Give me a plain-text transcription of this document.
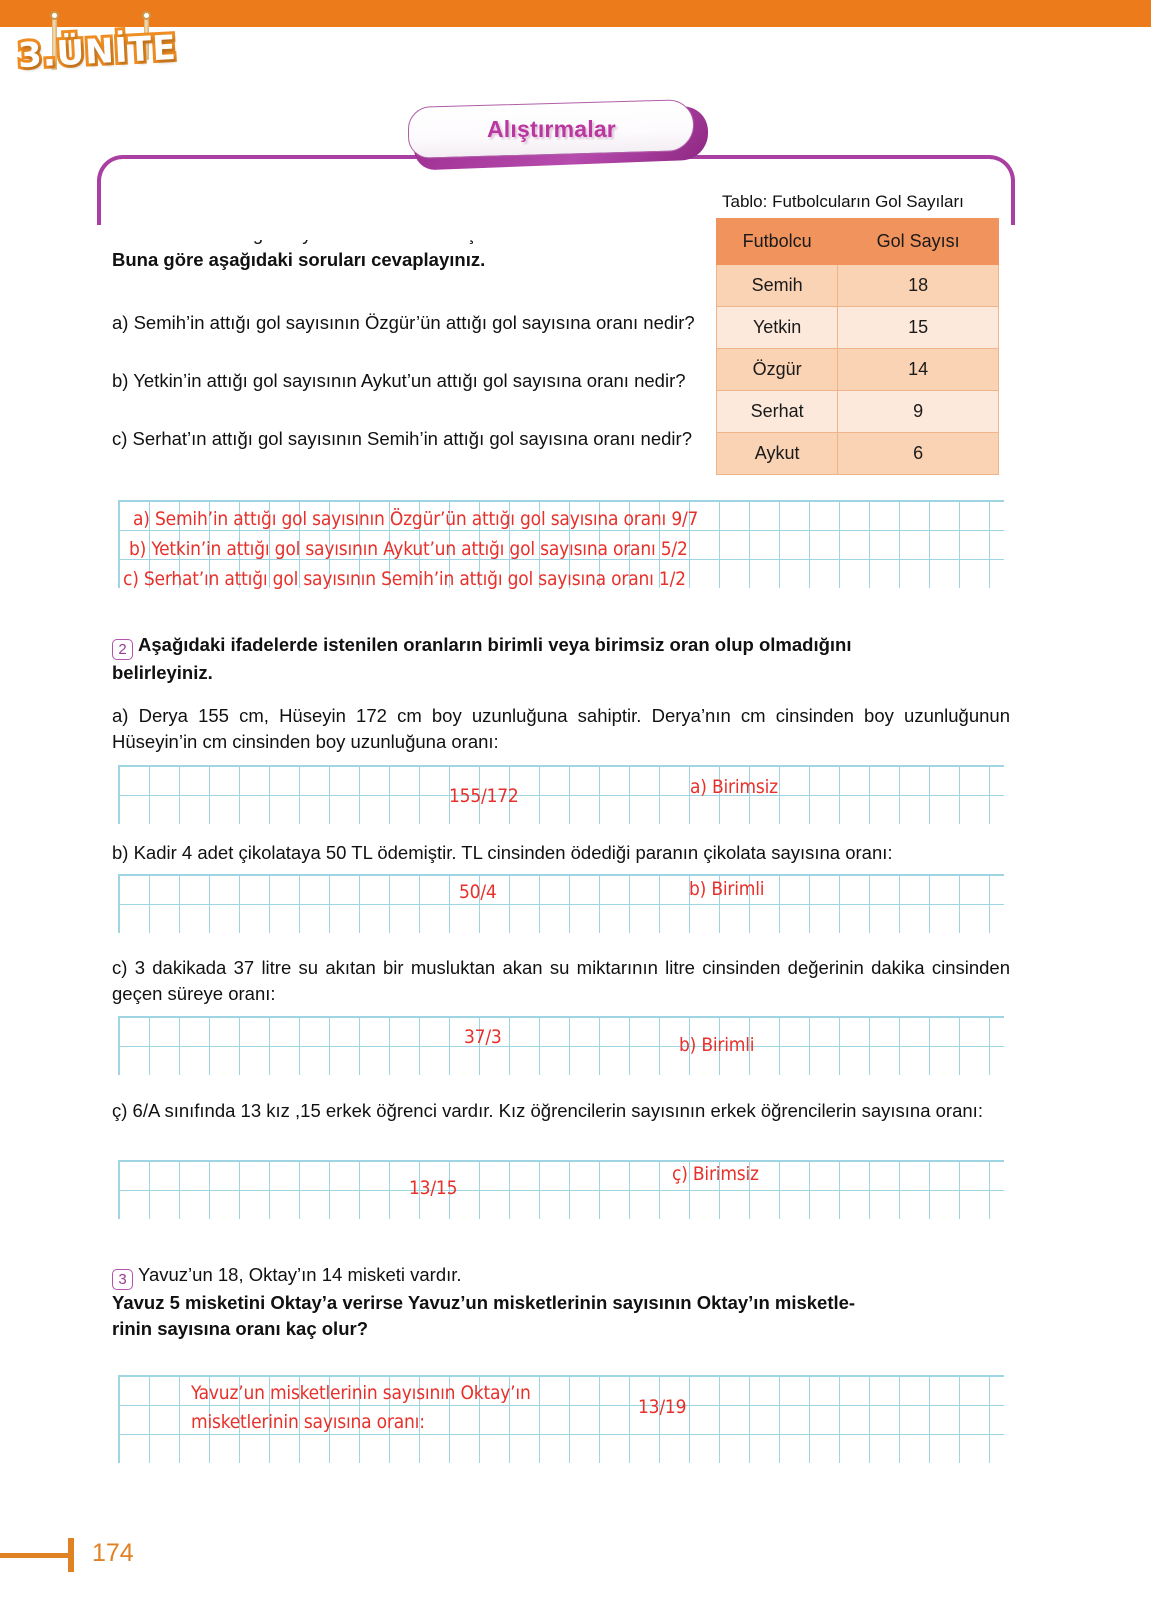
3.ÜNİTE
Alıştırmalar
Buna göre aşağıdaki soruları cevaplayınız.
a) Semih’in attığı gol sayısının Özgür’ün attığı gol sayısına oranı nedir?
b) Yetkin’in attığı gol sayısının Aykut’un attığı gol sayısına oranı nedir?
c) Serhat’ın attığı gol sayısının Semih’in attığı gol sayısına oranı nedir?
Tablo: Futbolcuların Gol Sayıları
Futbolcu	Gol Sayısı
Semih	18
Yetkin	15
Özgür	14
Serhat	9
Aykut	6
a) Semih’in attığı gol sayısının Özgür’ün attığı gol sayısına oranı 9/7
b) Yetkin’in attığı gol sayısının Aykut’un attığı gol sayısına oranı 5/2
c) Serhat’ın attığı gol sayısının Semih’in attığı gol sayısına oranı 1/2
2 Aşağıdaki ifadelerde istenilen oranların birimli veya birimsiz oran olup olmadığını
belirleyiniz.
a) Derya 155 cm, Hüseyin 172 cm boy uzunluğuna sahiptir. Derya’nın cm cinsinden boy uzunluğunun Hüseyin’in cm cinsinden boy uzunluğuna oranı:
155/172	a) Birimsiz
b) Kadir 4 adet çikolataya 50 TL ödemiştir. TL cinsinden ödediği paranın çikolata sayısına oranı:
50/4	b) Birimli
c) 3 dakikada 37 litre su akıtan bir musluktan akan su miktarının litre cinsinden değerinin dakika cinsinden geçen süreye oranı:
37/3	b) Birimli
ç) 6/A sınıfında 13 kız ,15 erkek öğrenci vardır. Kız öğrencilerin sayısının erkek öğrencilerin sayısına oranı:
13/15
ç) Birimsiz
3 Yavuz’un 18, Oktay’ın 14 misketi vardır.
Yavuz 5 misketini Oktay’a verirse Yavuz’un misketlerinin sayısının Oktay’ın misketle-
rinin sayısına oranı kaç olur?
Yavuz’un misketlerinin sayısının Oktay’ın
misketlerinin sayısına oranı:
13/19
174
